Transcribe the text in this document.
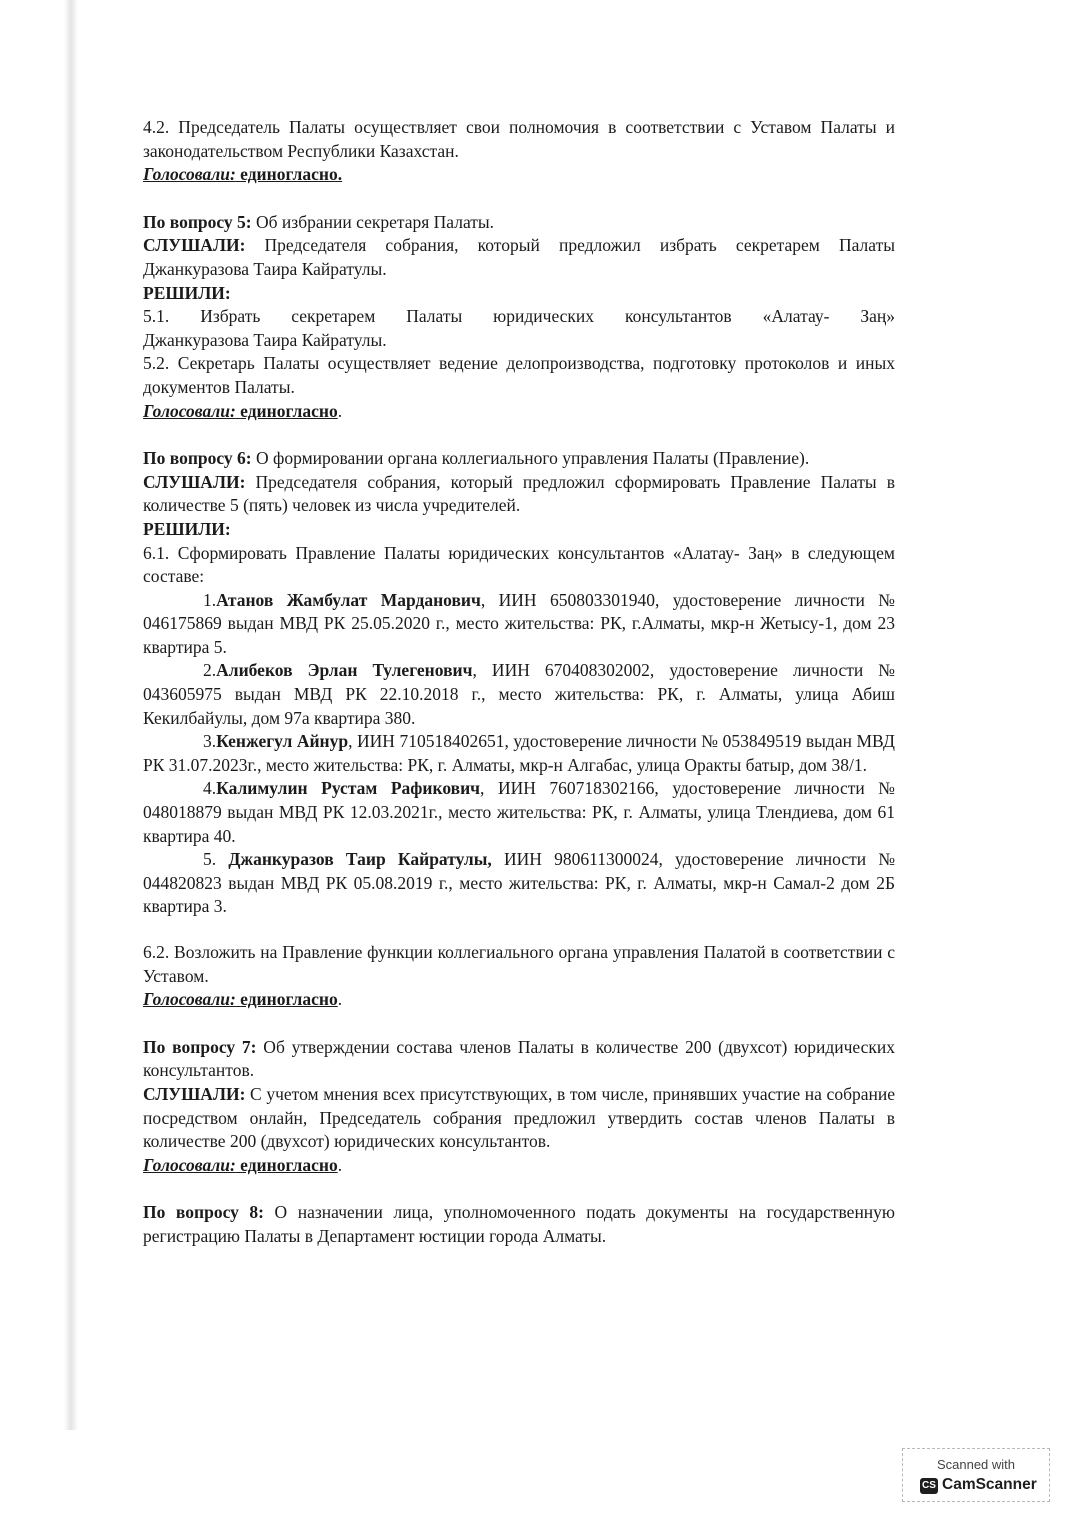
4.2. Председатель Палаты осуществляет свои полномочия в соответствии с Уставом Палаты и законодательством Республики Казахстан.

Голосовали: единогласно.

По вопросу 5: Об избрании секретаря Палаты.

СЛУШАЛИ: Председателя собрания, который предложил избрать секретарем Палаты Джанкуразова Таира Кайратулы.

РЕШИЛИ:

5.1. Избрать секретарем Палаты юридических консультантов «Алатау- Заң»

Джанкуразова Таира Кайратулы.

5.2. Секретарь Палаты осуществляет ведение делопроизводства, подготовку протоколов и иных документов Палаты.

Голосовали: единогласно.

По вопросу 6: О формировании органа коллегиального управления Палаты (Правление).

СЛУШАЛИ: Председателя собрания, который предложил сформировать Правление Палаты в количестве 5 (пять) человек из числа учредителей.

РЕШИЛИ:

6.1. Сформировать Правление Палаты юридических консультантов «Алатау- Заң» в следующем составе:

1.Атанов Жамбулат Марданович, ИИН 650803301940, удостоверение личности № 046175869 выдан МВД РК 25.05.2020 г., место жительства: РК, г.Алматы, мкр-н Жетысу-1, дом 23 квартира 5.

2.Алибеков Эрлан Тулегенович, ИИН 670408302002, удостоверение личности № 043605975 выдан МВД РК 22.10.2018 г., место жительства: РК, г. Алматы, улица Абиш Кекилбайулы, дом 97а квартира 380.

3.Кенжегул Айнур, ИИН 710518402651, удостоверение личности № 053849519 выдан МВД РК 31.07.2023г., место жительства: РК, г. Алматы, мкр-н Алгабас, улица Оракты батыр, дом 38/1.

4.Калимулин Рустам Рафикович, ИИН 760718302166, удостоверение личности № 048018879 выдан МВД РК 12.03.2021г., место жительства: РК, г. Алматы, улица Тлендиева, дом 61 квартира 40.

5. Джанкуразов Таир Кайратулы, ИИН 980611300024, удостоверение личности № 044820823 выдан МВД РК 05.08.2019 г., место жительства: РК, г. Алматы, мкр-н Самал-2 дом 2Б квартира 3.

6.2. Возложить на Правление функции коллегиального органа управления Палатой в соответствии с Уставом.

Голосовали: единогласно.

По вопросу 7: Об утверждении состава членов Палаты в количестве 200 (двухсот) юридических консультантов.

СЛУШАЛИ: С учетом мнения всех присутствующих, в том числе, принявших участие на собрание посредством онлайн, Председатель собрания предложил утвердить состав членов Палаты в количестве 200 (двухсот) юридических консультантов.

Голосовали: единогласно.

По вопросу 8: О назначении лица, уполномоченного подать документы на государственную регистрацию Палаты в Департамент юстиции города Алматы.

Scanned with
CS CamScanner
